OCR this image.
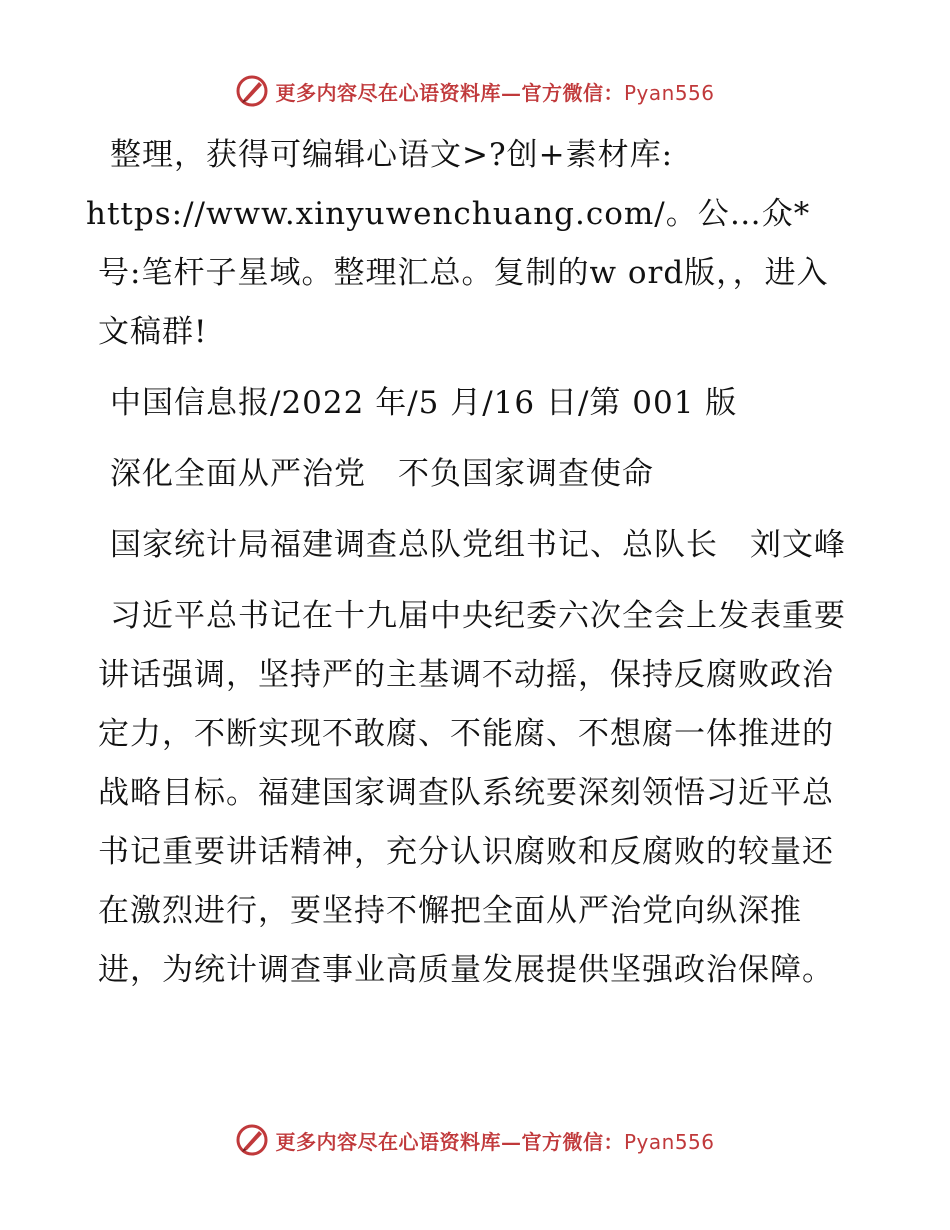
更多内容尽在心语资料库—官方微信：Pyan556

整理，获得可编辑心语文>?创+素材库:
https://www.xinyuwenchuang.com/。公…众*号:笔杆子星域。整理汇总。复制的w ord版，，进入文稿群!

中国信息报/2022 年/5 月/16 日/第 001 版

深化全面从严治党　不负国家调查使命

国家统计局福建调查总队党组书记、总队长　刘文峰

习近平总书记在十九届中央纪委六次全会上发表重要讲话强调，坚持严的主基调不动摇，保持反腐败政治定力，不断实现不敢腐、不能腐、不想腐一体推进的战略目标。福建国家调查队系统要深刻领悟习近平总书记重要讲话精神，充分认识腐败和反腐败的较量还在激烈进行，要坚持不懈把全面从严治党向纵深推进，为统计调查事业高质量发展提供坚强政治保障。

更多内容尽在心语资料库—官方微信：Pyan556
